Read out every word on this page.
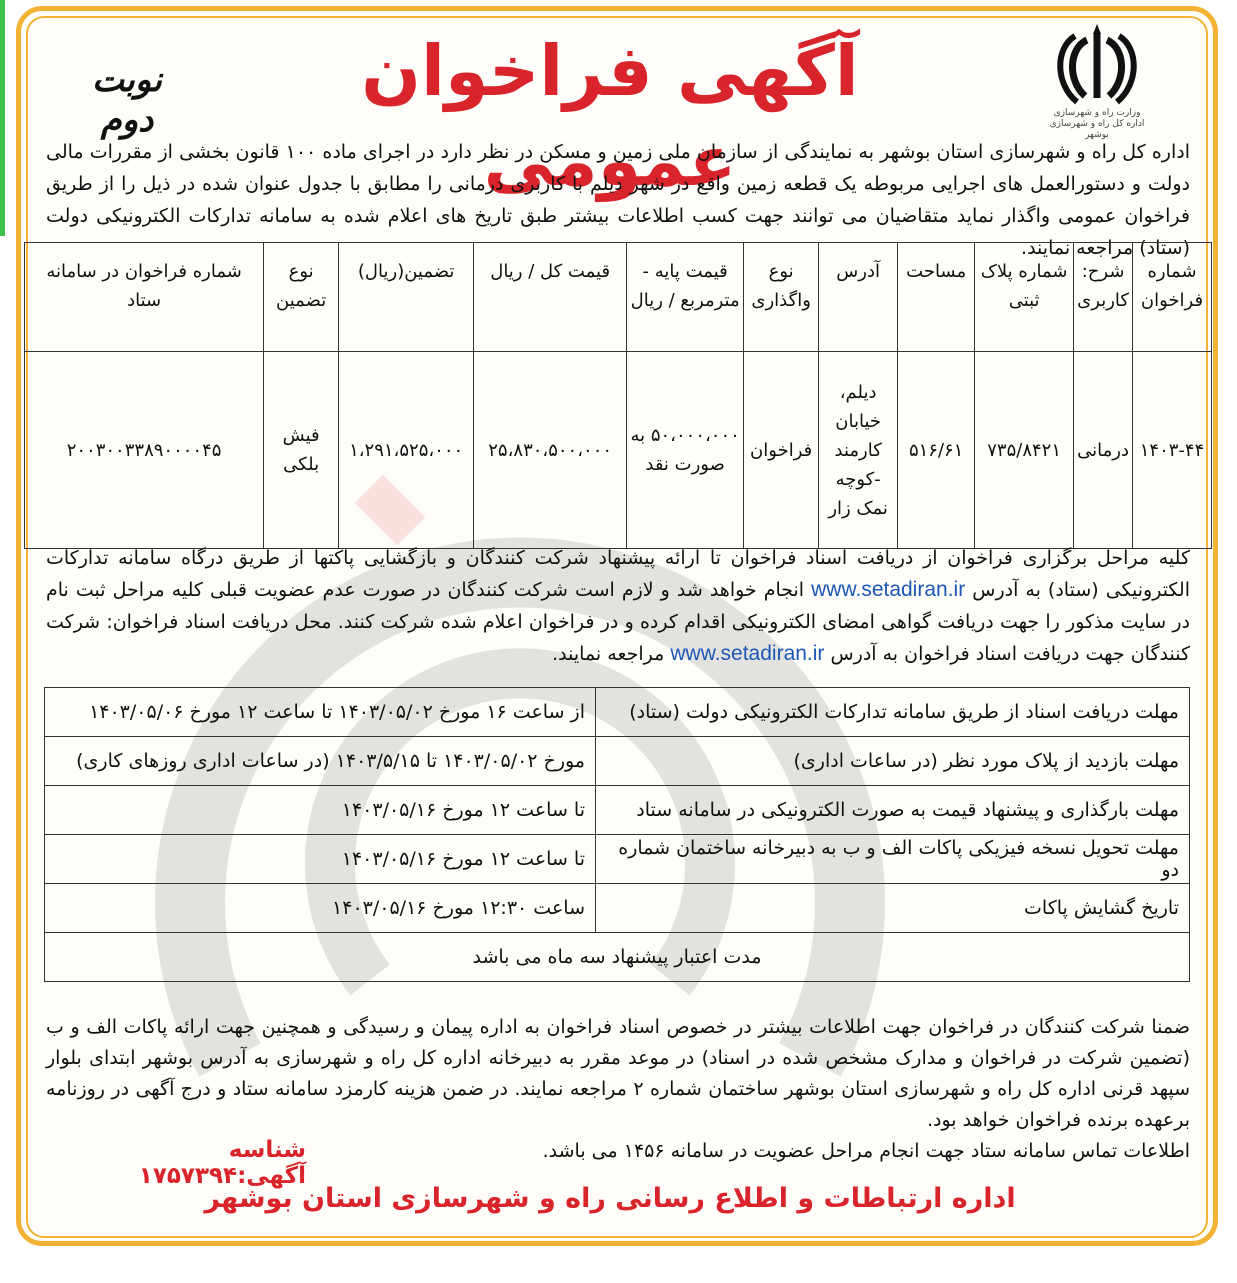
وزارت راه و شهرسازی
اداره کل راه و شهرسازی بوشهر
آگهی فراخوان عمومی
نوبت دوم
اداره کل راه و شهرسازی استان بوشهر به نمایندگی از سازمان ملی زمین و مسکن در نظر دارد در اجرای ماده ۱۰۰ قانون بخشی از مقررات مالی دولت و دستورالعمل های اجرایی مربوطه یک قطعه زمین واقع در شهر دیلم با کاربری درمانی را مطابق با جدول عنوان شده در ذیل را از طریق فراخوان عمومی واگذار نماید متقاضیان می توانند جهت کسب اطلاعات بیشتر طبق تاریخ های اعلام شده به سامانه تدارکات الکترونیکی دولت (ستاد) مراجعه نمایند.
شماره فراخوان	شرح: کاربری	شماره پلاک ثبتی	مساحت	آدرس	نوع واگذاری	قیمت پایه - مترمربع / ریال	قیمت کل / ریال	تضمین(ریال)	نوع تضمین	شماره فراخوان در سامانه ستاد
۱۴۰۳-۴۴	درمانی	۷۳۵/۸۴۲۱	۵۱۶/۶۱	دیلم، خیابان کارمند -کوچه نمک زار	فراخوان	۵۰،۰۰۰،۰۰۰ به صورت نقد	۲۵،۸۳۰،۵۰۰،۰۰۰	۱،۲۹۱،۵۲۵،۰۰۰	فیش بلکی	۲۰۰۳۰۰۳۳۸۹۰۰۰۰۴۵
کلیه مراحل برگزاری فراخوان از دریافت اسناد فراخوان تا ارائه پیشنهاد شرکت کنندگان و بازگشایی پاکتها از طریق درگاه سامانه تدارکات الکترونیکی (ستاد) به آدرس www.setadiran.ir انجام خواهد شد و لازم است شرکت کنندگان در صورت عدم عضویت قبلی کلیه مراحل ثبت نام در سایت مذکور را جهت دریافت گواهی امضای الکترونیکی اقدام کرده و در فراخوان اعلام شده شرکت کنند. محل دریافت اسناد فراخوان: شرکت کنندگان جهت دریافت اسناد فراخوان به آدرس www.setadiran.ir مراجعه نمایند.
مهلت دریافت اسناد از طریق سامانه تدارکات الکترونیکی دولت (ستاد)	از ساعت ۱۶ مورخ ۱۴۰۳/۰۵/۰۲ تا ساعت ۱۲ مورخ ۱۴۰۳/۰۵/۰۶
مهلت بازدید از پلاک مورد نظر (در ساعات اداری)	مورخ ۱۴۰۳/۰۵/۰۲ تا ۱۴۰۳/۵/۱۵ (در ساعات اداری روزهای کاری)
مهلت بارگذاری و پیشنهاد قیمت به صورت الکترونیکی در سامانه ستاد	تا ساعت ۱۲ مورخ ۱۴۰۳/۰۵/۱۶
مهلت تحویل نسخه فیزیکی پاکات الف و ب به دبیرخانه ساختمان شماره دو	تا ساعت ۱۲ مورخ ۱۴۰۳/۰۵/۱۶
تاریخ گشایش پاکات	ساعت ۱۲:۳۰ مورخ ۱۴۰۳/۰۵/۱۶
مدت اعتبار پیشنهاد سه ماه می باشد	
ضمنا شرکت کنندگان در فراخوان جهت اطلاعات بیشتر در خصوص اسناد فراخوان به اداره پیمان و رسیدگی و همچنین جهت ارائه پاکات الف و ب (تضمین شرکت در فراخوان و مدارک مشخص شده در اسناد) در موعد مقرر به دبیرخانه اداره کل راه و شهرسازی به آدرس بوشهر ابتدای بلوار سپهد قرنی اداره کل راه و شهرسازی استان بوشهر ساختمان شماره ۲ مراجعه نمایند. در ضمن هزینه کارمزد سامانه ستاد و درج آگهی در روزنامه برعهده برنده فراخوان خواهد بود.
اطلاعات تماس سامانه ستاد جهت انجام مراحل عضویت در سامانه ۱۴۵۶ می باشد.
شناسه آگهی:۱۷۵۷۳۹۴
اداره ارتباطات و اطلاع رسانی راه و شهرسازی استان بوشهر
